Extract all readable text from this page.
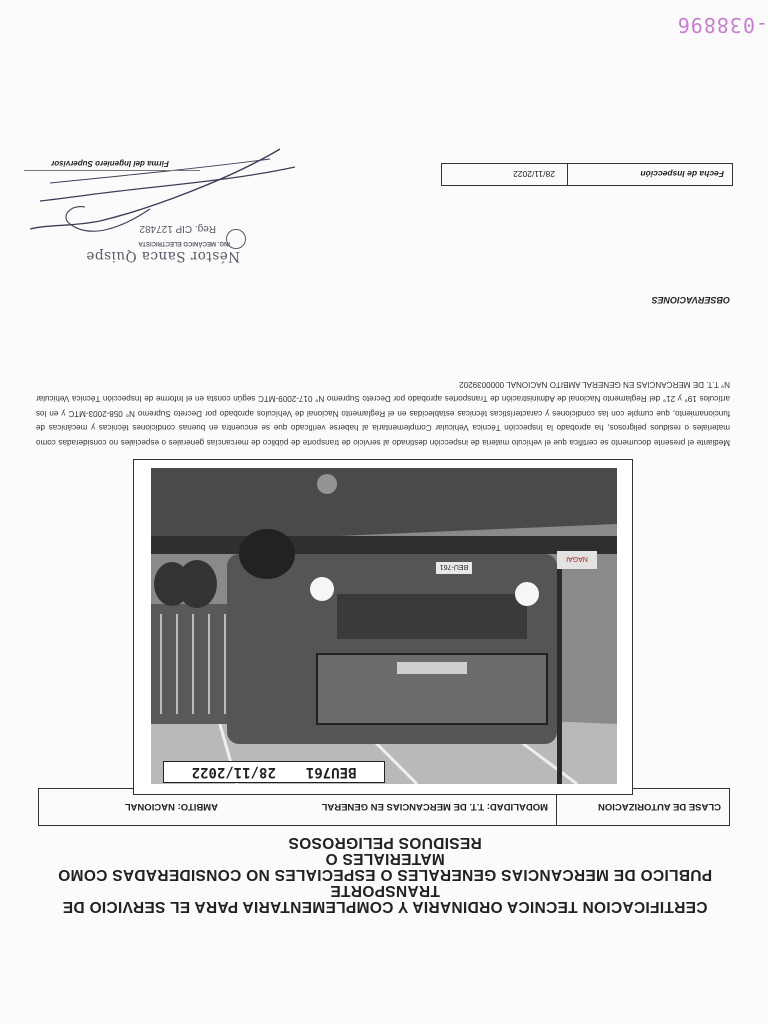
-038896
CERTIFICACION TECNICA ORDINARIA Y COMPLEMENTARIA PARA EL SERVICIO DE TRANSPORTE
PUBLICO DE MERCANCIAS GENERALES O ESPECIALES NO CONSIDERADAS COMO MATERIALES O
RESIDUOS PELIGROSOS
CLASE DE AUTORIZACION
MODALIDAD: T.T. DE MERCANCIAS EN GENERAL
AMBITO: NACIONAL
BEU-761
NAGAI
BEU761
28/11/2022
Mediante el presente documento se certifica que el vehículo materia de inspección destinado al servicio de transporte de público de mercancías generales o especiales no consideradas como materiales o residuos peligrosos, ha aprobado la Inspección Técnica Vehicular Complementaria al haberse verificado que se encuentra en buenas condiciones técnicas y mecánicas de funcionamiento, que cumple con las condiciones y características técnicas establecidas en el Reglamento Nacional de Vehículos aprobado por Decreto Supremo N° 058-2003-MTC y en los artículos 19° y 21° del Reglamento Nacional de Administración de Transportes aprobado por Decreto Supremo N° 017-2009-MTC según consta en el Informe de Inspección Técnica Vehicular N° T.T. DE MERCANCIAS EN GENERAL AMBITO NACIONAL 000003920​2
OBSERVACIONES
Néstor Sanca Quispe
ING. MECÁNICO ELECTRICISTA
Reg. CIP 127482
Fecha de Inspección
28/11/2022
Firma del Ingeniero Supervisor
